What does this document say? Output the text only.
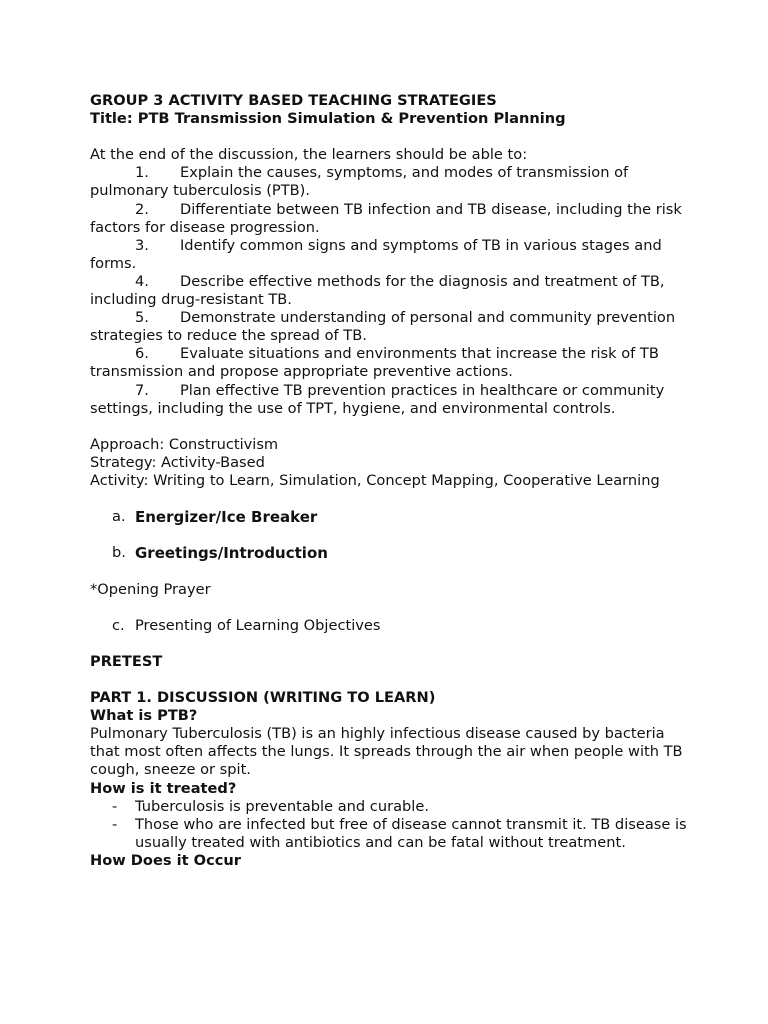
GROUP 3 ACTIVITY BASED TEACHING STRATEGIES
Title: PTB Transmission Simulation & Prevention Planning
At the end of the discussion, the learners should be able to:
1. Explain the causes, symptoms, and modes of transmission of pulmonary tuberculosis (PTB).
2. Differentiate between TB infection and TB disease, including the risk factors for disease progression.
3. Identify common signs and symptoms of TB in various stages and forms.
4. Describe effective methods for the diagnosis and treatment of TB, including drug-resistant TB.
5. Demonstrate understanding of personal and community prevention strategies to reduce the spread of TB.
6. Evaluate situations and environments that increase the risk of TB transmission and propose appropriate preventive actions.
7. Plan effective TB prevention practices in healthcare or community settings, including the use of TPT, hygiene, and environmental controls.
Approach: Constructivism
Strategy: Activity-Based
Activity: Writing to Learn, Simulation, Concept Mapping, Cooperative Learning
a. Energizer/Ice Breaker
b. Greetings/Introduction
*Opening Prayer
c. Presenting of Learning Objectives
PRETEST
PART 1. DISCUSSION (WRITING TO LEARN)
What is PTB?
Pulmonary Tuberculosis (TB) is an highly infectious disease caused by bacteria that most often affects the lungs. It spreads through the air when people with TB cough, sneeze or spit.
How is it treated?
- Tuberculosis is preventable and curable.
- Those who are infected but free of disease cannot transmit it. TB disease is usually treated with antibiotics and can be fatal without treatment.
How Does it Occur
